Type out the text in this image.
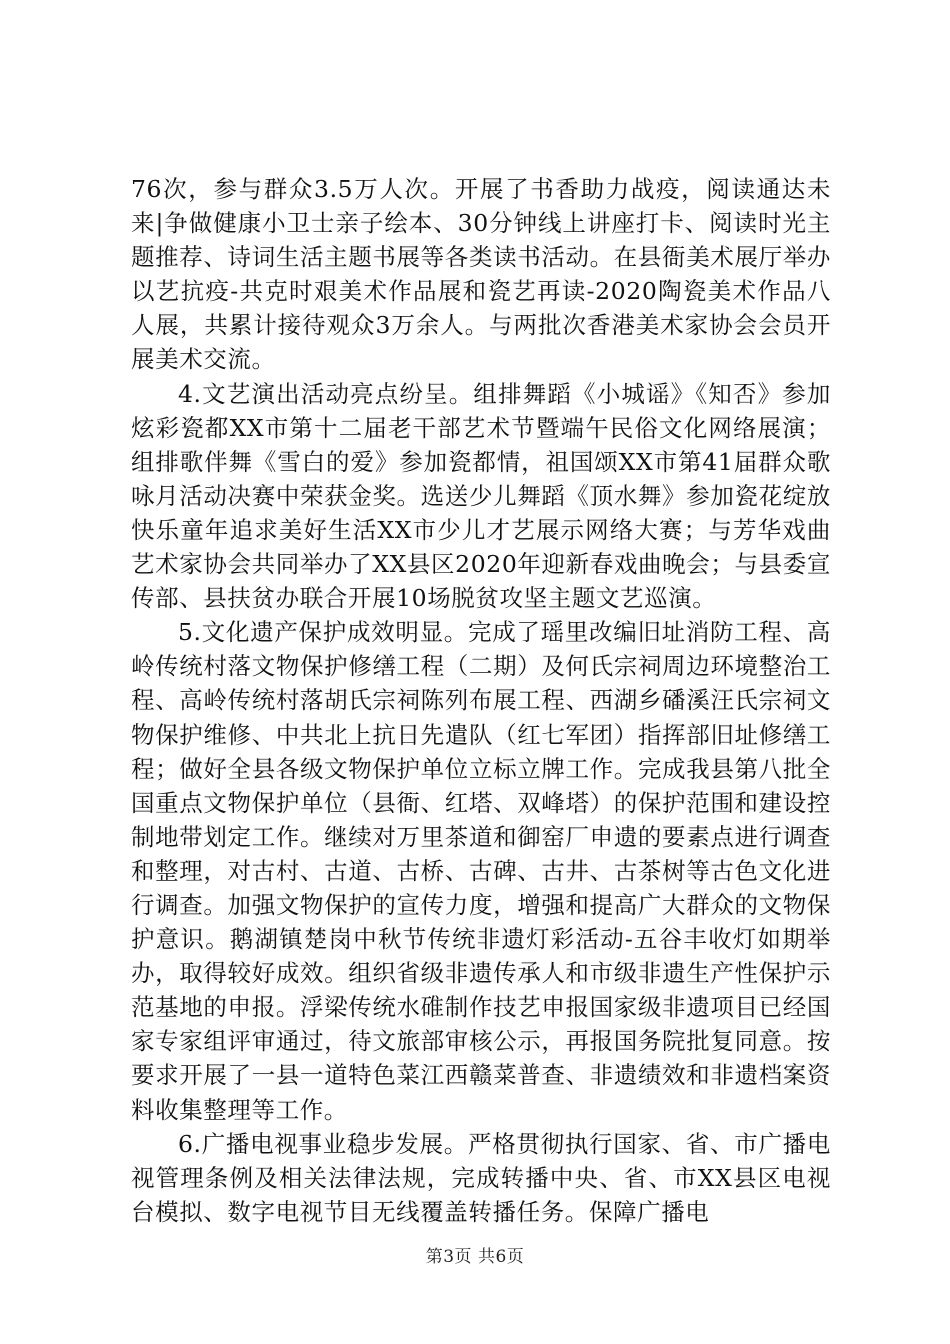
76次，参与群众3.5万人次。开展了书香助力战疫，阅读通达未来|争做健康小卫士亲子绘本、30分钟线上讲座打卡、阅读时光主题推荐、诗词生活主题书展等各类读书活动。在县衙美术展厅举办以艺抗疫-共克时艰美术作品展和瓷艺再读-2020陶瓷美术作品八人展，共累计接待观众3万余人。与两批次香港美术家协会会员开展美术交流。

4.文艺演出活动亮点纷呈。组排舞蹈《小城谣》《知否》参加炫彩瓷都XX市第十二届老干部艺术节暨端午民俗文化网络展演；组排歌伴舞《雪白的爱》参加瓷都情，祖国颂XX市第41届群众歌咏月活动决赛中荣获金奖。选送少儿舞蹈《顶水舞》参加瓷花绽放快乐童年追求美好生活XX市少儿才艺展示网络大赛；与芳华戏曲艺术家协会共同举办了XX县区2020年迎新春戏曲晚会；与县委宣传部、县扶贫办联合开展10场脱贫攻坚主题文艺巡演。

5.文化遗产保护成效明显。完成了瑶里改编旧址消防工程、高岭传统村落文物保护修缮工程（二期）及何氏宗祠周边环境整治工程、高岭传统村落胡氏宗祠陈列布展工程、西湖乡磻溪汪氏宗祠文物保护维修、中共北上抗日先遣队（红七军团）指挥部旧址修缮工程；做好全县各级文物保护单位立标立牌工作。完成我县第八批全国重点文物保护单位（县衙、红塔、双峰塔）的保护范围和建设控制地带划定工作。继续对万里茶道和御窑厂申遗的要素点进行调查和整理，对古村、古道、古桥、古碑、古井、古茶树等古色文化进行调查。加强文物保护的宣传力度，增强和提高广大群众的文物保护意识。鹅湖镇楚岗中秋节传统非遗灯彩活动-五谷丰收灯如期举办，取得较好成效。组织省级非遗传承人和市级非遗生产性保护示范基地的申报。浮梁传统水碓制作技艺申报国家级非遗项目已经国家专家组评审通过，待文旅部审核公示，再报国务院批复同意。按要求开展了一县一道特色菜江西赣菜普查、非遗绩效和非遗档案资料收集整理等工作。

6.广播电视事业稳步发展。严格贯彻执行国家、省、市广播电视管理条例及相关法律法规，完成转播中央、省、市XX县区电视台模拟、数字电视节目无线覆盖转播任务。保障广播电

第3页 共6页
